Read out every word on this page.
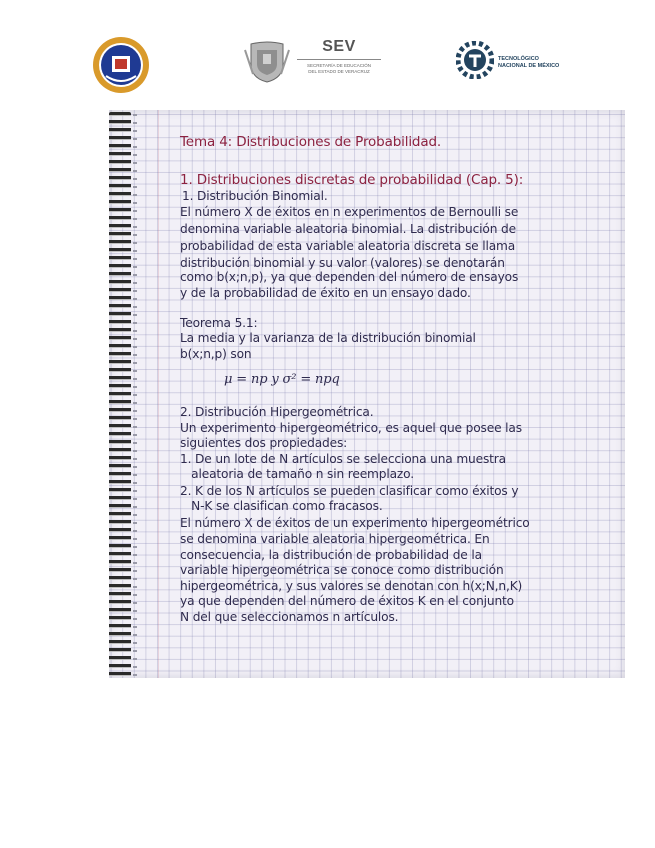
SEV
SECRETARÍA DE EDUCACIÓN
DEL ESTADO DE VERACRUZ
TECNOLÓGICO
NACIONAL DE MÉXICO

Tema 4: Distribuciones de Probabilidad.

1. Distribuciones discretas de probabilidad (Cap. 5):

1. Distribución Binomial.

El número X de éxitos en n experimentos de Bernoulli se

denomina variable aleatoria binomial. La distribución de

probabilidad de esta variable aleatoria discreta se llama

distribución binomial y su valor (valores) se denotarán

como b(x;n,p), ya que dependen del número de ensayos

y de la probabilidad de éxito en un ensayo dado.

Teorema 5.1:

La media y la varianza de la distribución binomial

b(x;n,p) son

μ = np y σ² = npq

2. Distribución Hipergeométrica.

Un experimento hipergeométrico, es aquel que posee las

siguientes dos propiedades:

1. De un lote de N artículos se selecciona una muestra

aleatoria de tamaño n sin reemplazo.

2. K de los N artículos se pueden clasificar como éxitos y

N-K se clasifican como fracasos.

El número X de éxitos de un experimento hipergeométrico

se denomina variable aleatoria hipergeométrica. En

consecuencia, la distribución de probabilidad de la

variable hipergeométrica se conoce como distribución

hipergeométrica, y sus valores se denotan con h(x;N,n,K)

ya que dependen del número de éxitos K en el conjunto

N del que seleccionamos n artículos.
